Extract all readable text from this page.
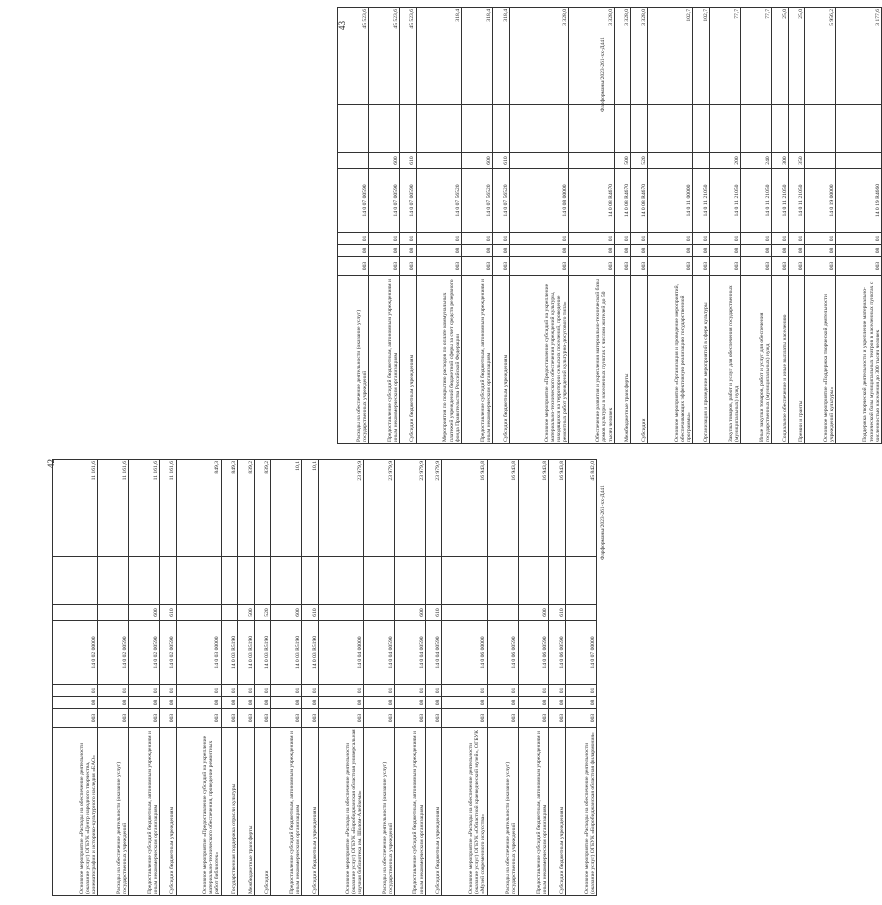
42
43
Фарформаны/2023-261-хх-Д441
Фарформаны/2023-261-хх-Д441
Основное мероприятие «Расходы на обеспечение деятельности (оказание услуг) ОГБУК «Центр народного творчества, кинематографии и историко-культурного наследия «ЕАО»	003	08	01	14 0 02 00000			11 161,6
Расходы на обеспечение деятельности (оказание услуг) государственных учреждений	003	08	01	14 0 02 00590			11 161,6
Предоставление субсидий бюджетным, автономным учреждениям и иным некоммерческим организациям	003	08	01	14 0 02 00590	600		11 161,6
Субсидии бюджетным учреждениям	003	08	01	14 0 02 00590	610		11 161,6
Основное мероприятие «Предоставление субсидий на укрепление материально-технического обеспечения, проведение ремонтных работ библиотек»	003	08	01	14 0 03 00000			849,3
Государственная поддержка отрасли культуры	003	08	01	14 0 03 R5190			849,3
Межбюджетные трансферты	003	08	01	14 0 03 R5190	500		839,2
Субсидии	003	08	01	14 0 03 R5190	520		839,2
Предоставление субсидий бюджетным, автономным учреждениям и иным некоммерческим организациям	003	08	01	14 0 03 R5190	600		10,1
Субсидии бюджетным учреждениям	003	08	01	14 0 03 R5190	610		10,1
Основное мероприятие «Расходы на обеспечение деятельности (оказание услуг) ОГБУК «Биробиджанская областная универсальная научная библиотека им. Шолом-Алейхема»	003	08	01	14 0 04 00000			23 979,9
Расходы на обеспечение деятельности (оказание услуг) государственных учреждений	003	08	01	14 0 04 00590			23 979,9
Предоставление субсидий бюджетным, автономным учреждениям и иным некоммерческим организациям	003	08	01	14 0 04 00590	600		23 979,9
Субсидии бюджетным учреждениям	003	08	01	14 0 04 00590	610		23 979,9
Основное мероприятие «Расходы на обеспечение деятельности (оказание услуг) ОГБУК «Областной краеведческий музей», ОГБУК «Музей современного искусства»	003	08	01	14 0 06 00000			16 943,8
Расходы на обеспечение деятельности (оказание услуг) государственных учреждений	003	08	01	14 0 06 00590			16 943,8
Предоставление субсидий бюджетным, автономным учреждениям и иным некоммерческим организациям	003	08	01	14 0 06 00590	600		16 943,8
Субсидии бюджетным учреждениям	003	08	01	14 0 06 00590	610		16 943,8
Основное мероприятие «Расходы на обеспечение деятельности (оказание услуг) ОГБУК «Биробиджанская областная филармония»	003	08	01	14 0 07 00000			45 842,0
Расходы на обеспечение деятельности (оказание услуг) государственных учреждений	003	08	01	14 0 07 00590			45 523,6
Предоставление субсидий бюджетным, автономным учреждениям и иным некоммерческим организациям	003	08	01	14 0 07 00590	600		45 523,6
Субсидии бюджетным учреждениям	003	08	01	14 0 07 00590	610		45 523,6
Мероприятия по покрытию расходов по оплате коммунальных платежей учреждений бюджетной сферы за счет средств резервного фонда Правительства Российской Федерации	003	08	01	14 0 07 56520			318,4
Предоставление субсидий бюджетным, автономным учреждениям и иным некоммерческим организациям	003	08	01	14 0 07 56520	600		318,4
Субсидии бюджетным учреждениям	003	08	01	14 0 07 56520	610		318,4
Основное мероприятие «Предоставление субсидий на укрепление материально-технического обеспечения учреждений культуры, находящихся на территории сельских поселений, проведение ремонтных работ учреждений культурно-досугового типа»	003	08	01	14 0 08 00000			3 328,0
Обеспечение развития и укрепления материально-технической базы домов культуры в населенных пунктах с числом жителей до 50 тысяч человек	003	08	01	14 0 08 R4670			3 328,0
Межбюджетные трансферты	003	08	01	14 0 08 R4670	500		3 328,0
Субсидии	003	08	01	14 0 08 R4670	520		3 328,0
Основное мероприятие «Организация и проведение мероприятий, обеспечивающих эффективную реализацию государственной программы»	003	08	01	14 0 11 00000			102,7
Организация и проведение мероприятий в сфере культуры	003	08	01	14 0 11 21050			102,7
Закупка товаров, работ и услуг для обеспечения государственных (муниципальных) нужд	003	08	01	14 0 11 21050	200		77,7
Иные закупки товаров, работ и услуг для обеспечения государственных (муниципальных) нужд	003	08	01	14 0 11 21050	240		77,7
Социальное обеспечение и иные выплаты населению	003	08	01	14 0 11 21050	300		25,0
Премии и гранты	003	08	01	14 0 11 21050	350		25,0
Основное мероприятие «Поддержка творческой деятельности учреждений культуры»	003	08	01	14 0 19 00000			5 956,2
Поддержка творческой деятельности и укрепление материально-технической базы муниципальных театров в населенных пунктах с численностью населения до 300 тысяч человек	003	08	01	14 0 19 R4660			3 177,6
